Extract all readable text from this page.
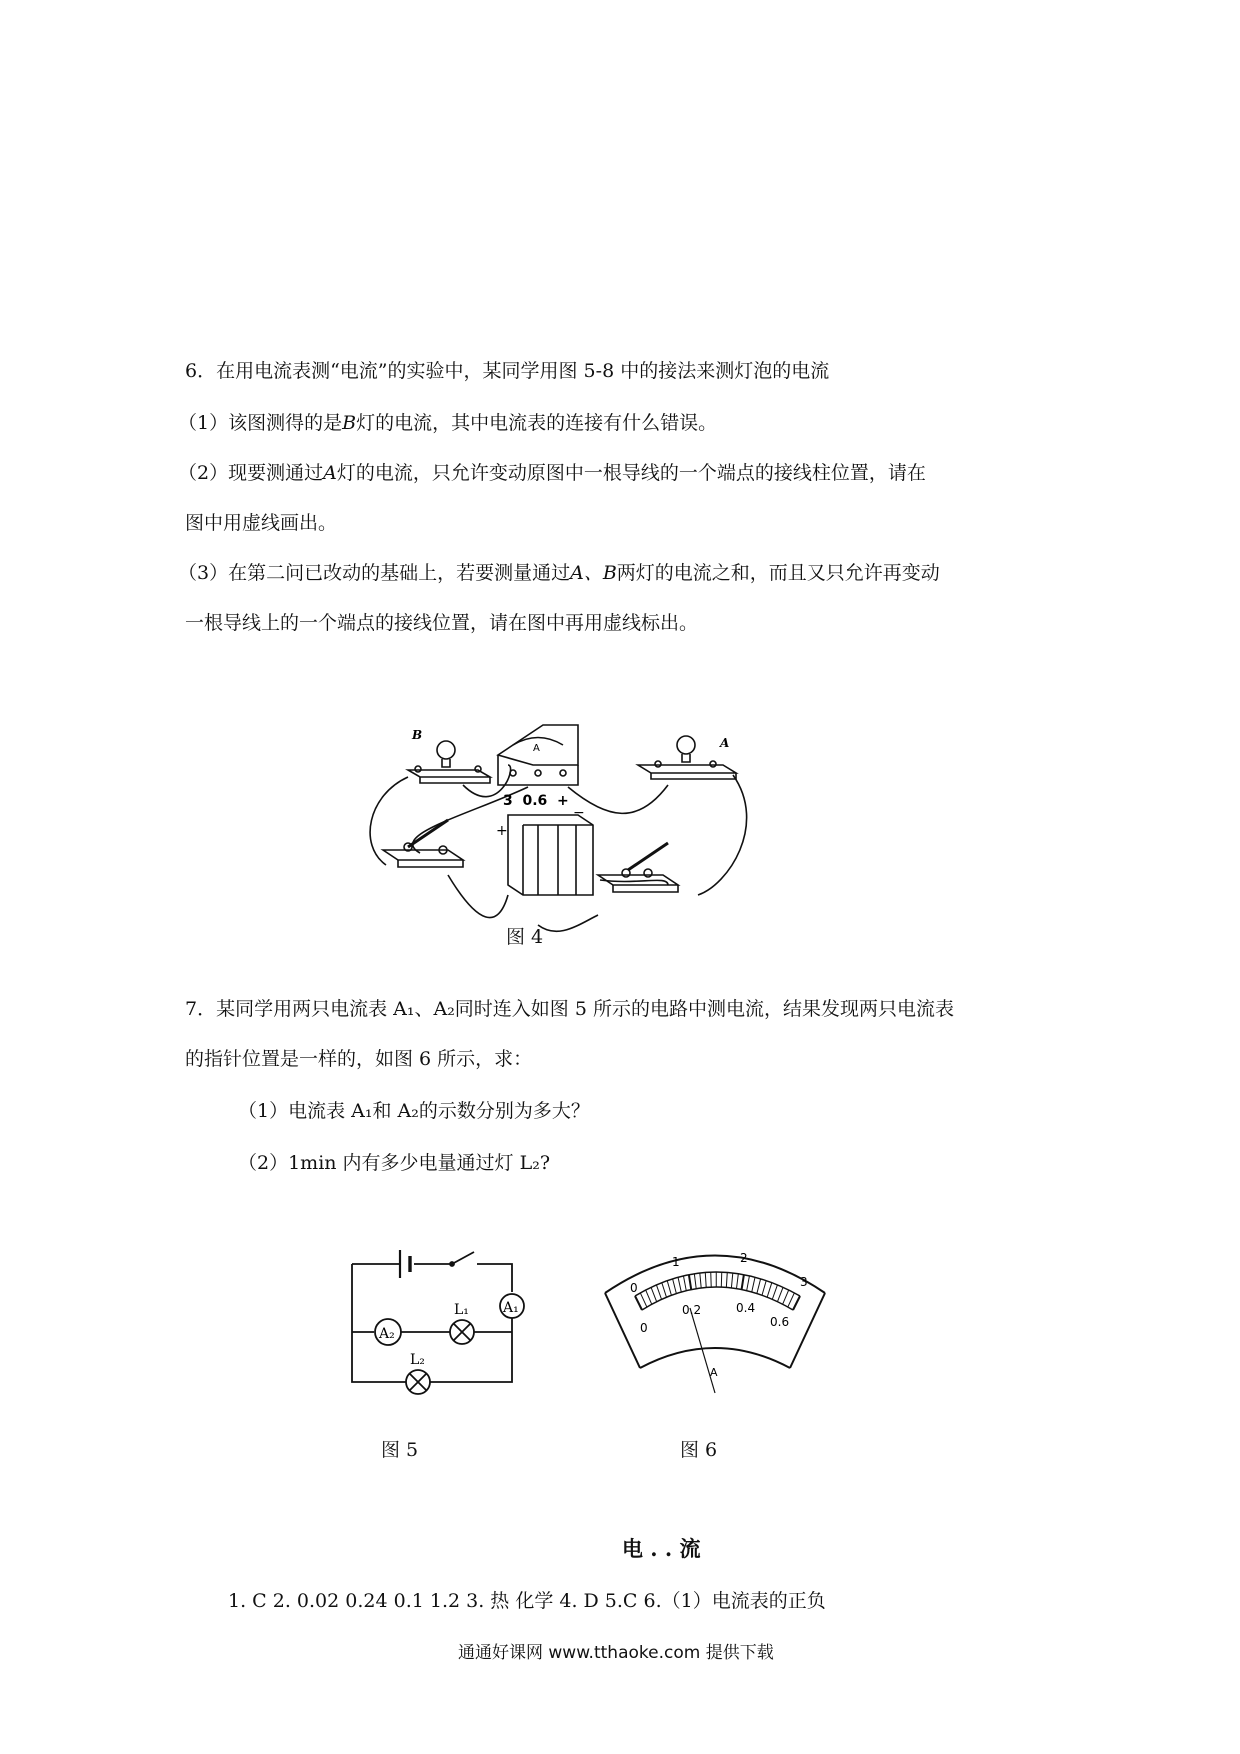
6．在用电流表测“电流”的实验中，某同学用图 5-8 中的接法来测灯泡的电流
（1）该图测得的是B灯的电流，其中电流表的连接有什么错误。
（2）现要测通过A灯的电流，只允许变动原图中一根导线的一个端点的接线柱位置，请在
图中用虚线画出。
（3）在第二问已改动的基础上，若要测量通过A、B两灯的电流之和，而且又只允许再变动
一根导线上的一个端点的接线位置，请在图中再用虚线标出。
B
A
A
3  0.6  +
+
−
图 4
7．某同学用两只电流表 A₁、A₂同时连入如图 5 所示的电路中测电流，结果发现两只电流表
的指针位置是一样的，如图 6 所示，求：
（1）电流表 A₁和 A₂的示数分别为多大？
（2）1min 内有多少电量通过灯 L₂?
A₁
A₂
L₁
L₂
图 5
0
1	2
3
0
0.2	0.4
0.6
A
图 6
电 . . 流
1. C 2. 0.02 0.24 0.1 1.2 3. 热 化学 4. D 5.C 6.（1）电流表的正负
通通好课网 www.tthaoke.com 提供下载
